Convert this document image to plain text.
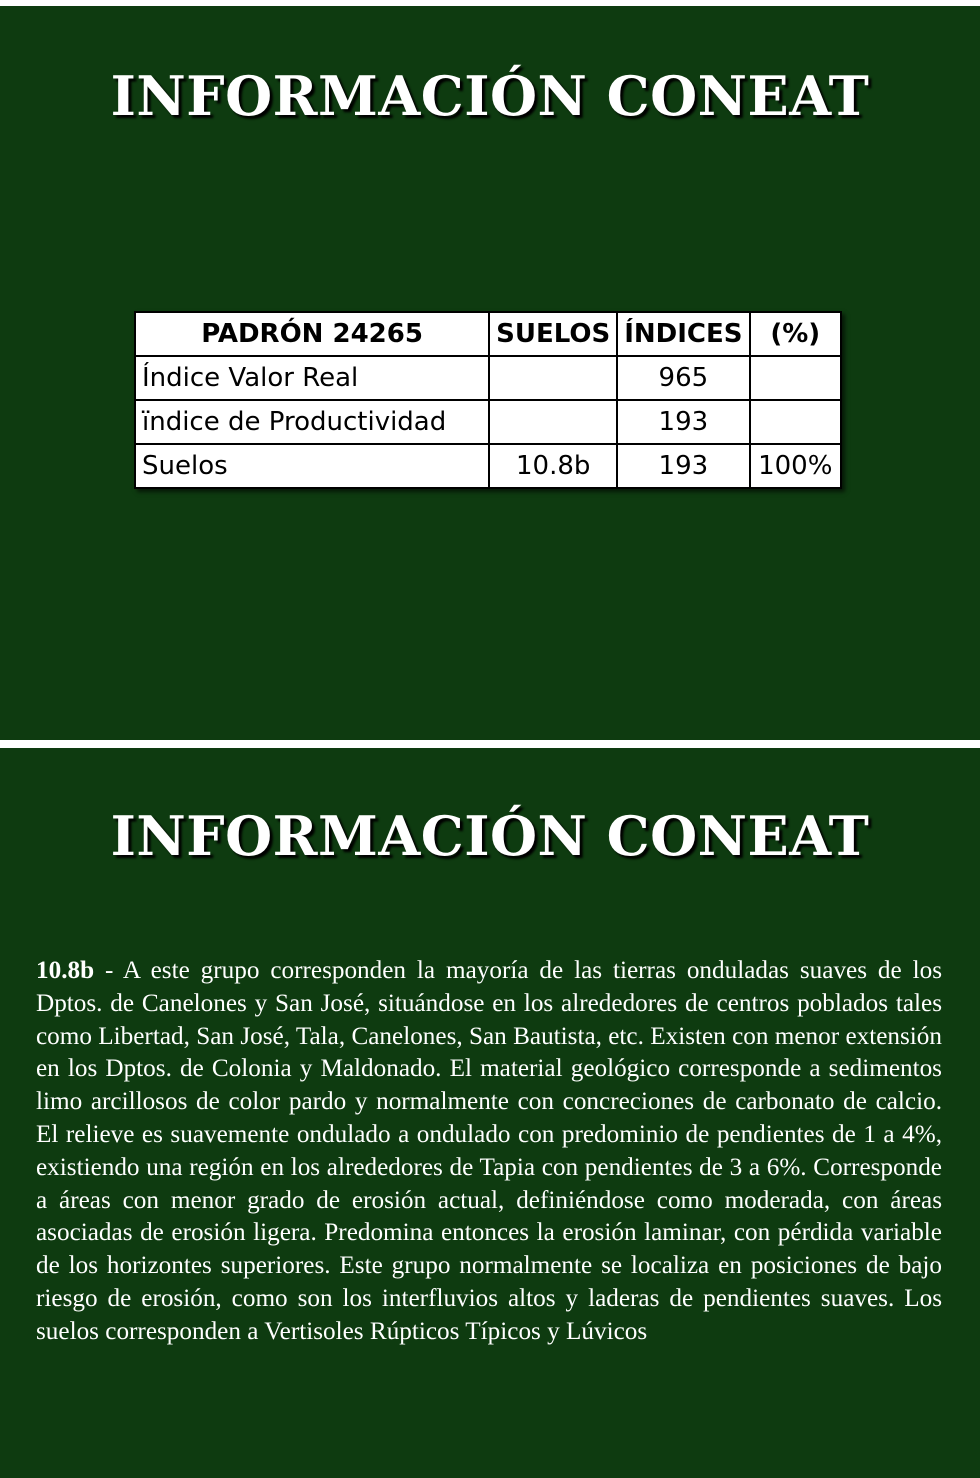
INFORMACIÓN CONEAT
PADRÓN 24265	SUELOS	ÍNDICES	(%)
Índice Valor Real		965	
ïndice de Productividad		193	
Suelos	10.8b	193	100%
INFORMACIÓN CONEAT

10.8b - A este grupo corresponden la mayoría de las tierras onduladas suaves de los Dptos. de Canelones y San José, situándose en los alrededores de centros poblados tales como Libertad, San José, Tala, Canelones, San Bautista, etc. Existen con menor extensión en los Dptos. de Colonia y Maldonado. El material geológico corresponde a sedimentos limo arcillosos de color pardo y normalmente con concreciones de carbonato de calcio. El relieve es suavemente ondulado a ondulado con predominio de pendientes de 1 a 4%, existiendo una región en los alrededores de Tapia con pendientes de 3 a 6%. Corresponde a áreas con menor grado de erosión actual, definiéndose como moderada, con áreas asociadas de erosión ligera. Predomina entonces la erosión laminar, con pérdida variable de los horizontes superiores. Este grupo normalmente se localiza en posiciones de bajo riesgo de erosión, como son los interfluvios altos y laderas de pendientes suaves. Los suelos corresponden a Vertisoles Rúpticos Típicos y Lúvicos
